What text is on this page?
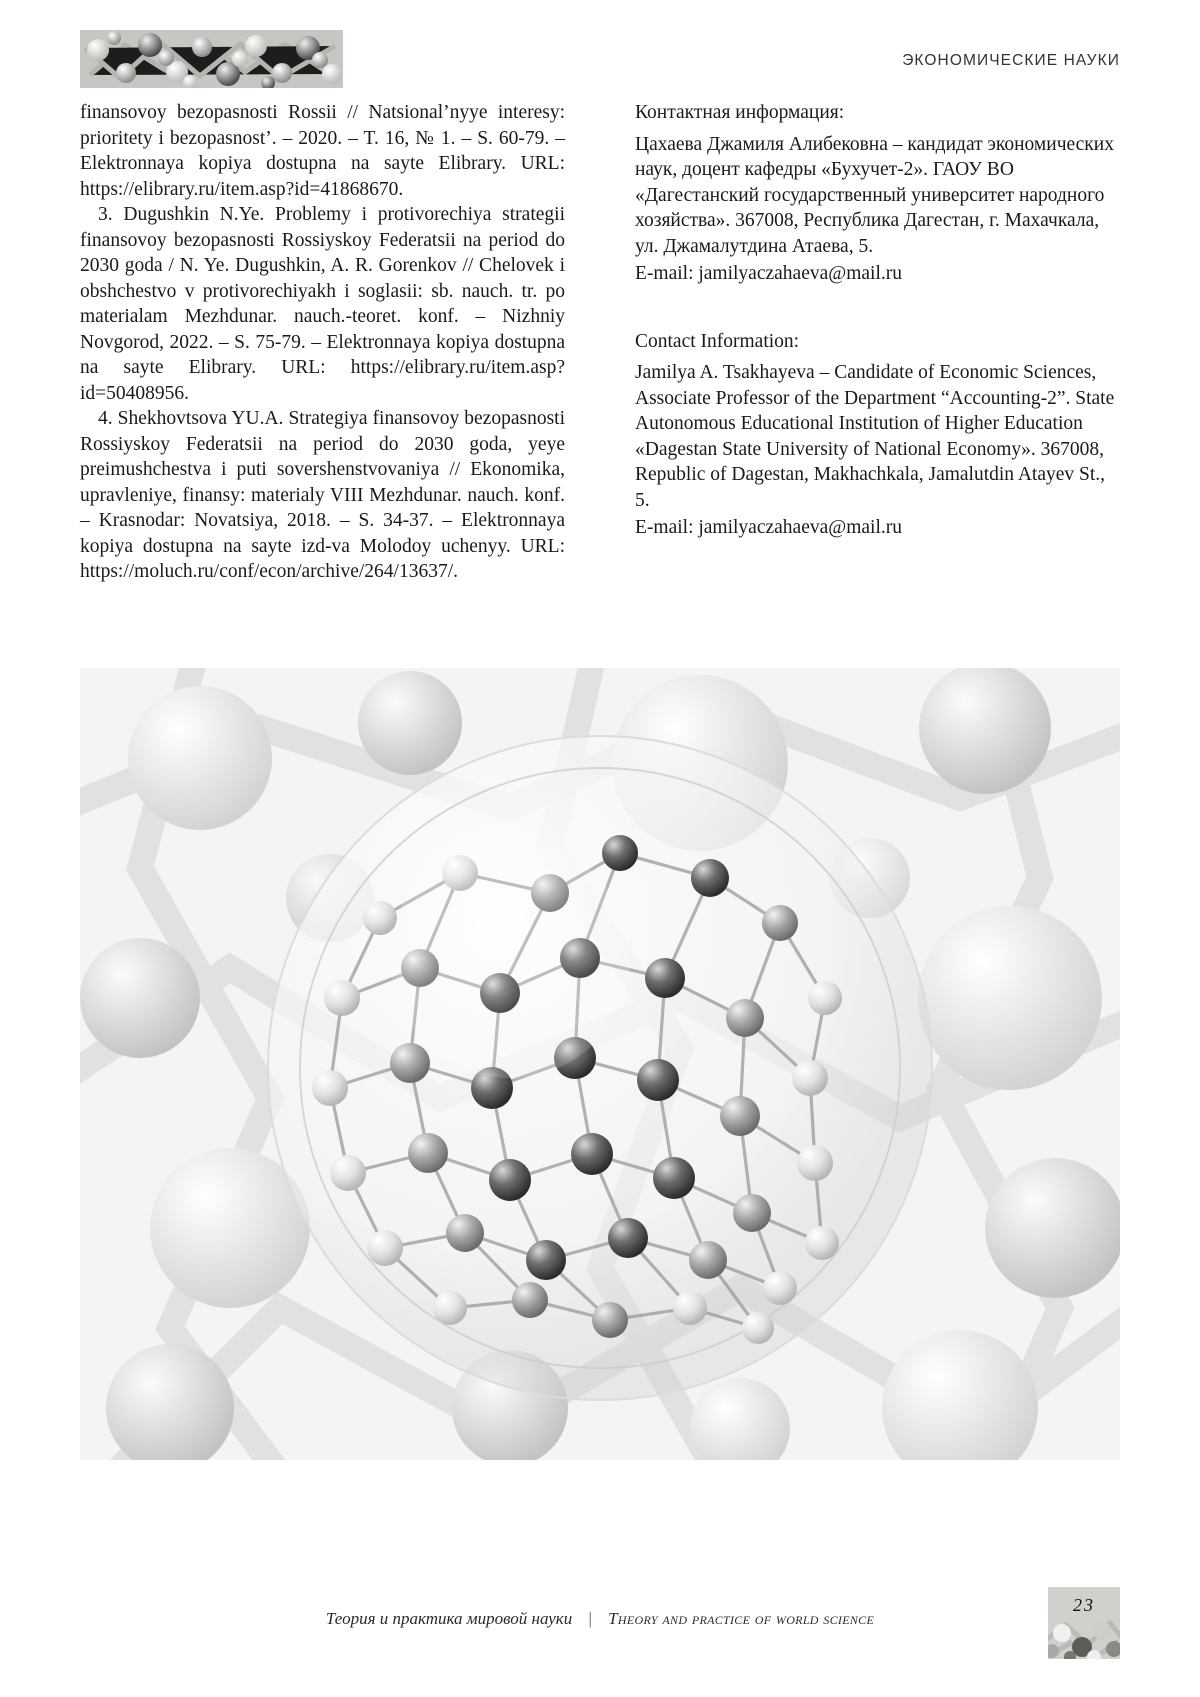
ЭКОНОМИЧЕСКИЕ НАУКИ

finansovoy bezopasnosti Rossii // Natsional’nyye interesy: prioritety i bezopasnost’. – 2020. – T. 16, № 1. – S. 60-79. – Elektronnaya kopiya dostupna na sayte Elibrary. URL: https://elibrary.ru/item.asp?id=41868670.

3. Dugushkin N.Ye. Problemy i protivorechiya strategii finansovoy bezopasnosti Rossiyskoy Federatsii na period do 2030 goda / N. Ye. Dugushkin, A. R. Gorenkov // Chelovek i obshchestvo v protivorechiyakh i soglasii: sb. nauch. tr. po materialam Mezhdunar. nauch.-teoret. konf. – Nizhniy Novgorod, 2022. – S. 75-79. – Elektronnaya kopiya dostupna na sayte Elibrary. URL: https://elibrary.ru/item.asp?id=50408956.

4. Shekhovtsova YU.A. Strategiya finansovoy bezopasnosti Rossiyskoy Federatsii na period do 2030 goda, yeye preimushchestva i puti sovershenstvovaniya // Ekonomika, upravleniye, finansy: materialy VIII Mezhdunar. nauch. konf. – Krasnodar: Novatsiya, 2018. – S. 34-37. – Elektronnaya kopiya dostupna na sayte izd-va Molodoy uchenyy. URL: https://moluch.ru/conf/econ/archive/264/13637/.

Контактная информация:

Цахаева Джамиля Алибековна – кандидат экономических наук, доцент кафедры «Бухучет-2». ГАОУ ВО «Дагестанский государственный университет народного хозяйства». 367008, Республика Дагестан, г. Махачкала, ул. Джамалутдина Атаева, 5.

E-mail: jamilyaczahaeva@mail.ru

Contact Information:

Jamilya A. Tsakhayeva – Candidate of Economic Sciences, Associate Professor of the Department “Accounting-2”. State Autonomous Educational Institution of Higher Education «Dagestan State University of National Economy». 367008, Republic of Dagestan, Makhachkala, Jamalutdin Atayev St., 5.

E-mail: jamilyaczahaeva@mail.ru

Теория и практика мировой науки | Theory and practice of world science
23
